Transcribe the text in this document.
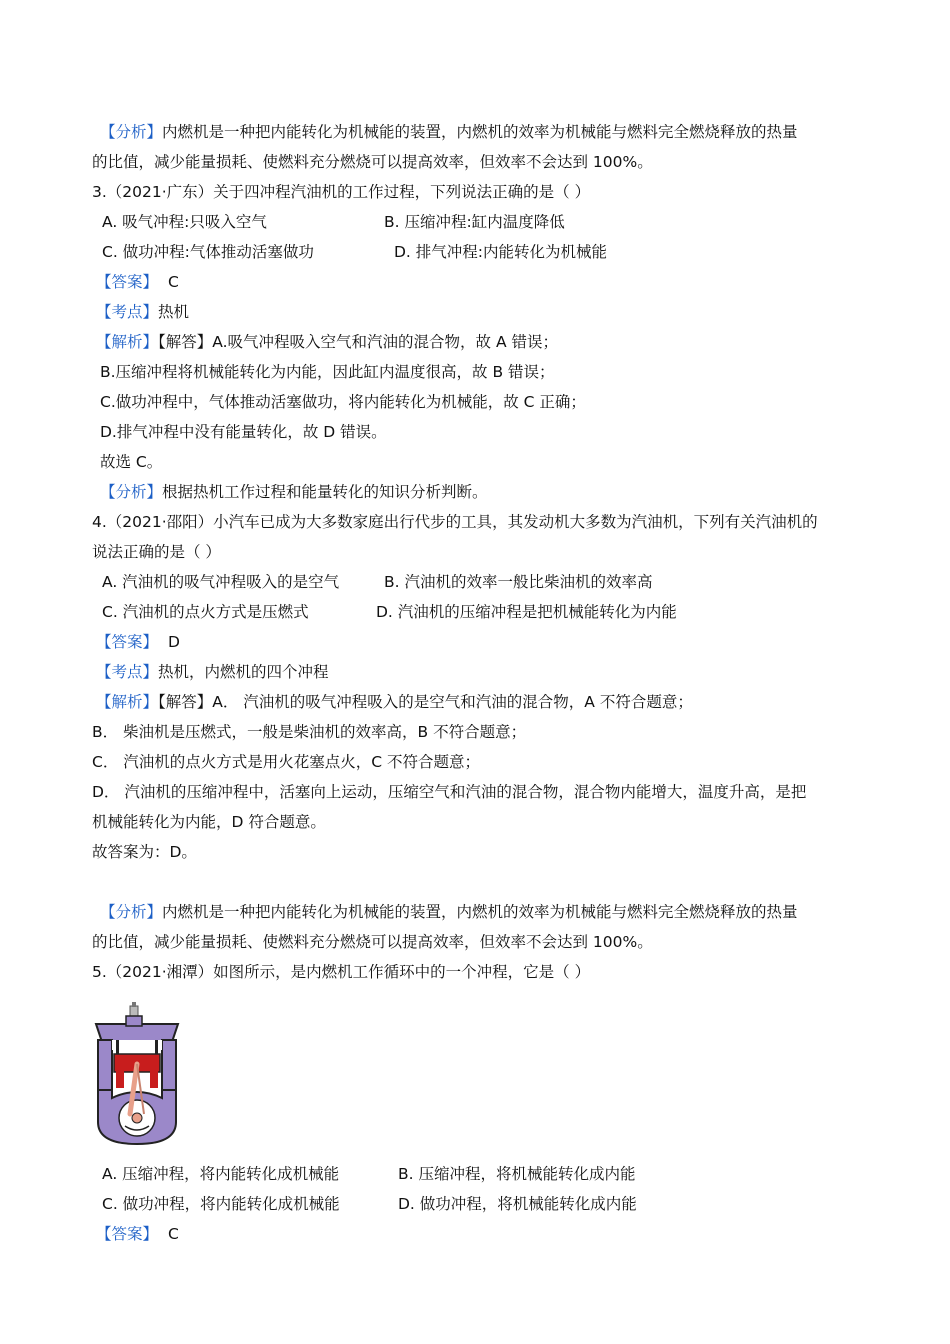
【分析】内燃机是一种把内能转化为机械能的装置，内燃机的效率为机械能与燃料完全燃烧释放的热量
的比值，减少能量损耗、使燃料充分燃烧可以提高效率，但效率不会达到 100%。
3.（2021·广东）关于四冲程汽油机的工作过程，下列说法正确的是（ ）
A. 吸气冲程:只吸入空气	B. 压缩冲程:缸内温度降低
C. 做功冲程:气体推动活塞做功	D. 排气冲程:内能转化为机械能
【答案】 C
【考点】热机
【解析】【解答】A.吸气冲程吸入空气和汽油的混合物，故 A 错误；
B.压缩冲程将机械能转化为内能，因此缸内温度很高，故 B 错误；
C.做功冲程中，气体推动活塞做功，将内能转化为机械能，故 C 正确；
D.排气冲程中没有能量转化，故 D 错误。
故选 C。
【分析】根据热机工作过程和能量转化的知识分析判断。
4.（2021·邵阳）小汽车已成为大多数家庭出行代步的工具，其发动机大多数为汽油机，下列有关汽油机的
说法正确的是（ ）
A. 汽油机的吸气冲程吸入的是空气	B. 汽油机的效率一般比柴油机的效率高
C. 汽油机的点火方式是压燃式	D. 汽油机的压缩冲程是把机械能转化为内能
【答案】 D
【考点】热机，内燃机的四个冲程
【解析】【解答】A． 汽油机的吸气冲程吸入的是空气和汽油的混合物，A 不符合题意；
B． 柴油机是压燃式，一般是柴油机的效率高，B 不符合题意；
C． 汽油机的点火方式是用火花塞点火，C 不符合题意；
D． 汽油机的压缩冲程中，活塞向上运动，压缩空气和汽油的混合物，混合物内能增大，温度升高，是把
机械能转化为内能，D 符合题意。
故答案为：D。
【分析】内燃机是一种把内能转化为机械能的装置，内燃机的效率为机械能与燃料完全燃烧释放的热量
的比值，减少能量损耗、使燃料充分燃烧可以提高效率，但效率不会达到 100%。
5.（2021·湘潭）如图所示，是内燃机工作循环中的一个冲程，它是（ ）
A. 压缩冲程，将内能转化成机械能	B. 压缩冲程，将机械能转化成内能
C. 做功冲程，将内能转化成机械能	D. 做功冲程，将机械能转化成内能
【答案】 C
